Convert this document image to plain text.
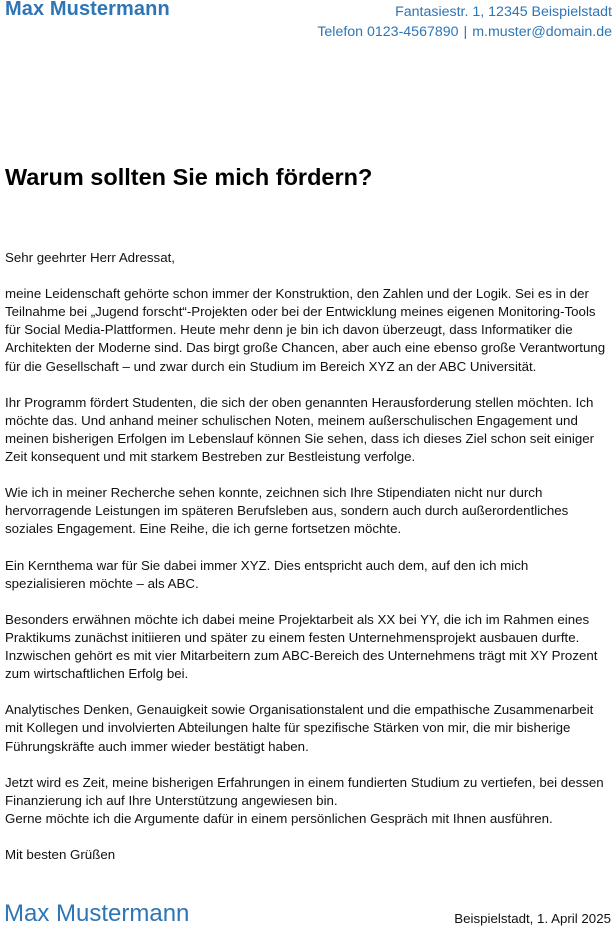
Max Mustermann	Fantasiestr. 1, 12345 Beispielstadt
Telefon 0123-4567890 | m.muster@domain.de
Warum sollten Sie mich fördern?

Sehr geehrter Herr Adressat,

meine Leidenschaft gehörte schon immer der Konstruktion, den Zahlen und der Logik. Sei es in der Teilnahme bei „Jugend forscht“-Projekten oder bei der Entwicklung meines eigenen Monitoring-Tools für Social Media-Plattformen. Heute mehr denn je bin ich davon überzeugt, dass Informatiker die Architekten der Moderne sind. Das birgt große Chancen, aber auch eine ebenso große Verantwortung für die Gesellschaft – und zwar durch ein Studium im Bereich XYZ an der ABC Universität.

Ihr Programm fördert Studenten, die sich der oben genannten Herausforderung stellen möchten. Ich möchte das. Und anhand meiner schulischen Noten, meinem außerschulischen Engagement und meinen bisherigen Erfolgen im Lebenslauf können Sie sehen, dass ich dieses Ziel schon seit einiger Zeit konsequent und mit starkem Bestreben zur Bestleistung verfolge.

Wie ich in meiner Recherche sehen konnte, zeichnen sich Ihre Stipendiaten nicht nur durch hervorragende Leistungen im späteren Berufsleben aus, sondern auch durch außerordentliches soziales Engagement. Eine Reihe, die ich gerne fortsetzen möchte.

Ein Kernthema war für Sie dabei immer XYZ. Dies entspricht auch dem, auf den ich mich spezialisieren möchte – als ABC.

Besonders erwähnen möchte ich dabei meine Projektarbeit als XX bei YY, die ich im Rahmen eines Praktikums zunächst initiieren und später zu einem festen Unternehmensprojekt ausbauen durfte. Inzwischen gehört es mit vier Mitarbeitern zum ABC-Bereich des Unternehmens trägt mit XY Prozent zum wirtschaftlichen Erfolg bei.

Analytisches Denken, Genauigkeit sowie Organisationstalent und die empathische Zusammenarbeit mit Kollegen und involvierten Abteilungen halte für spezifische Stärken von mir, die mir bisherige Führungskräfte auch immer wieder bestätigt haben.

Jetzt wird es Zeit, meine bisherigen Erfahrungen in einem fundierten Studium zu vertiefen, bei dessen Finanzierung ich auf Ihre Unterstützung angewiesen bin.

Gerne möchte ich die Argumente dafür in einem persönlichen Gespräch mit Ihnen ausführen.

Mit besten Grüßen

Max Mustermann	Beispielstadt, 1. April 2025
